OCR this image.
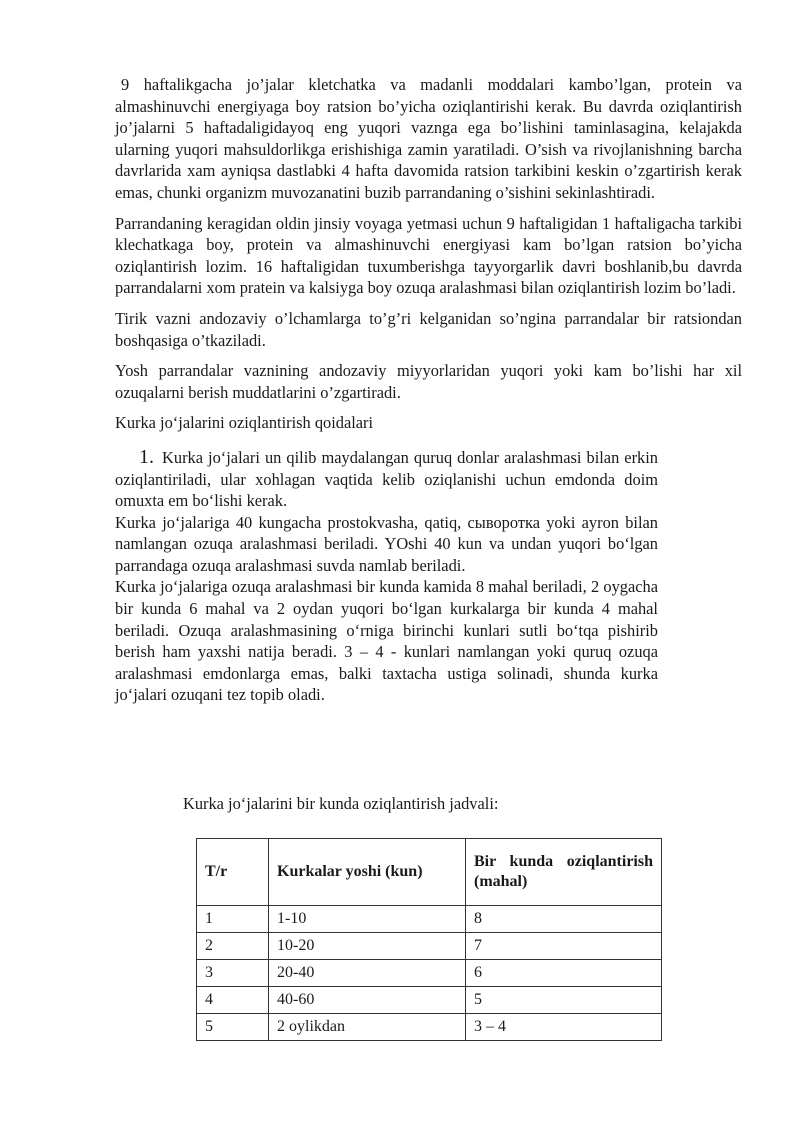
9 haftalikgacha jo’jalar kletchatka va madanli moddalari kambo’lgan, protein va almashinuvchi energiyaga boy ratsion bo’yicha oziqlantirishi kerak. Bu davrda oziqlantirish jo’jalarni 5 haftadaligidayoq eng yuqori vaznga ega bo’lishini taminlasagina, kelajakda ularning yuqori mahsuldorlikga erishishiga zamin yaratiladi. O’sish va rivojlanishning barcha davrlarida xam ayniqsa dastlabki 4 hafta davomida ratsion tarkibini keskin o’zgartirish kerak emas, chunki organizm muvozanatini buzib parrandaning o’sishini sekinlashtiradi.

Parrandaning keragidan oldin jinsiy voyaga yetmasi uchun 9 haftaligidan 1 haftaligacha tarkibi klechatkaga boy, protein va almashinuvchi energiyasi kam bo’lgan ratsion bo’yicha oziqlantirish lozim. 16 haftaligidan tuxumberishga tayyorgarlik davri boshlanib,bu davrda parrandalarni xom pratein va kalsiyga boy ozuqa aralashmasi bilan oziqlantirish lozim bo’ladi.

Tirik vazni andozaviy o’lchamlarga to’g’ri kelganidan so’ngina parrandalar bir ratsiondan boshqasiga o’tkaziladi.

Yosh parrandalar vaznining andozaviy miyyorlaridan yuqori yoki kam bo’lishi har xil ozuqalarni berish muddatlarini o’zgartiradi.

Kurka jo‘jalarini oziqlantirish qoidalari

1. Kurka jo‘jalari un qilib maydalangan quruq donlar aralashmasi bilan erkin oziqlantiriladi, ular xohlagan vaqtida kelib oziqlanishi uchun emdonda doim omuxta em bo‘lishi kerak.

Kurka jo‘jalariga 40 kungacha prostokvasha, qatiq, сыворотка yoki ayron bilan namlangan ozuqa aralashmasi beriladi. YOshi 40 kun va undan yuqori bo‘lgan parrandaga ozuqa aralashmasi suvda namlab beriladi.

Kurka jo‘jalariga ozuqa aralashmasi bir kunda kamida 8 mahal beriladi, 2 oygacha bir kunda 6 mahal va 2 oydan yuqori bo‘lgan kurkalarga bir kunda 4 mahal beriladi. Ozuqa aralashmasining o‘rniga birinchi kunlari sutli bo‘tqa pishirib berish ham yaxshi natija beradi. 3 – 4 - kunlari namlangan yoki quruq ozuqa aralashmasi emdonlarga emas, balki taxtacha ustiga solinadi, shunda kurka jo‘jalari ozuqani tez topib oladi.

Kurka jo‘jalarini bir kunda oziqlantirish jadvali:
T/r	Kurkalar yoshi (kun)	Bir kunda oziqlantirish (mahal)
1	1-10	8
2	10-20	7
3	20-40	6
4	40-60	5
5	2 oylikdan	3 – 4
